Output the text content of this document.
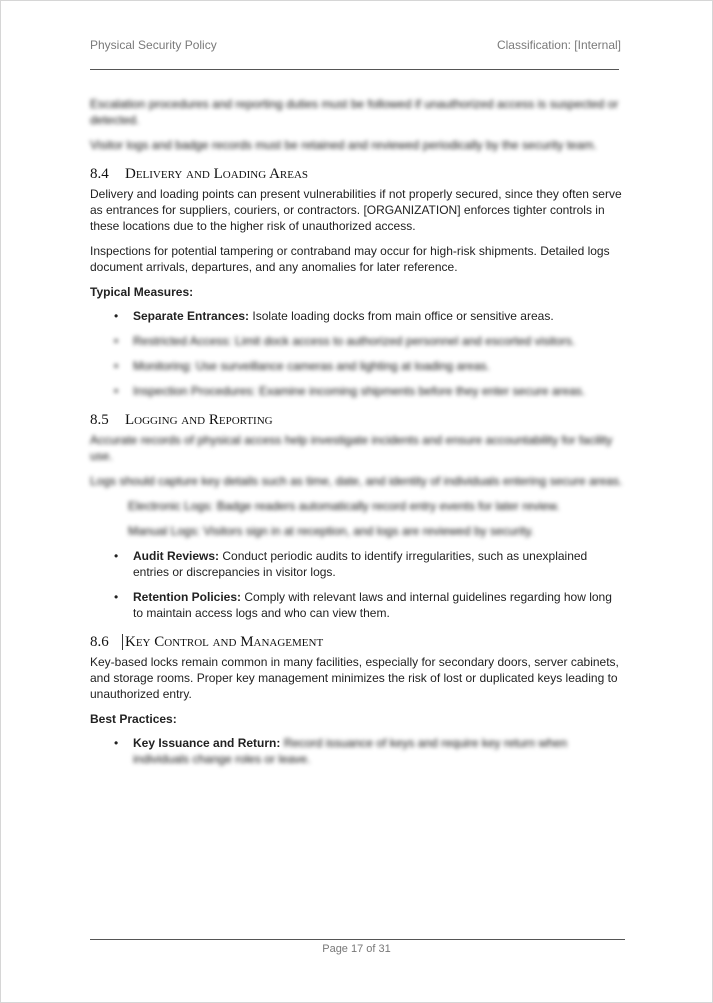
Physical Security Policy	Classification: [Internal]

Escalation procedures and reporting duties must be followed if unauthorized access is suspected or detected.

Visitor logs and badge records must be retained and reviewed periodically by the security team.

8.4 Delivery and Loading Areas

Delivery and loading points can present vulnerabilities if not properly secured, since they often serve as entrances for suppliers, couriers, or contractors. [ORGANIZATION] enforces tighter controls in these locations due to the higher risk of unauthorized access.

Inspections for potential tampering or contraband may occur for high-risk shipments. Detailed logs document arrivals, departures, and any anomalies for later reference.

Typical Measures:

• Separate Entrances: Isolate loading docks from main office or sensitive areas.
• Restricted Access: Limit dock access to authorized personnel and escorted visitors.
• Monitoring: Use surveillance cameras and lighting at loading areas.
• Inspection Procedures: Examine incoming shipments before they enter secure areas.
8.5 Logging and Reporting

Accurate records of physical access help investigate incidents and ensure accountability for facility use.

Logs should capture key details such as time, date, and identity of individuals entering secure areas.

Electronic Logs: Badge readers automatically record entry events for later review.

Manual Logs: Visitors sign in at reception, and logs are reviewed by security.

• Audit Reviews: Conduct periodic audits to identify irregularities, such as unexplained entries or discrepancies in visitor logs.
• Retention Policies: Comply with relevant laws and internal guidelines regarding how long to maintain access logs and who can view them.
8.6 Key Control and Management

Key-based locks remain common in many facilities, especially for secondary doors, server cabinets, and storage rooms. Proper key management minimizes the risk of lost or duplicated keys leading to unauthorized entry.

Best Practices:

• Key Issuance and Return: Record issuance of keys and require key return when individuals change roles or leave.
Page 17 of 31
